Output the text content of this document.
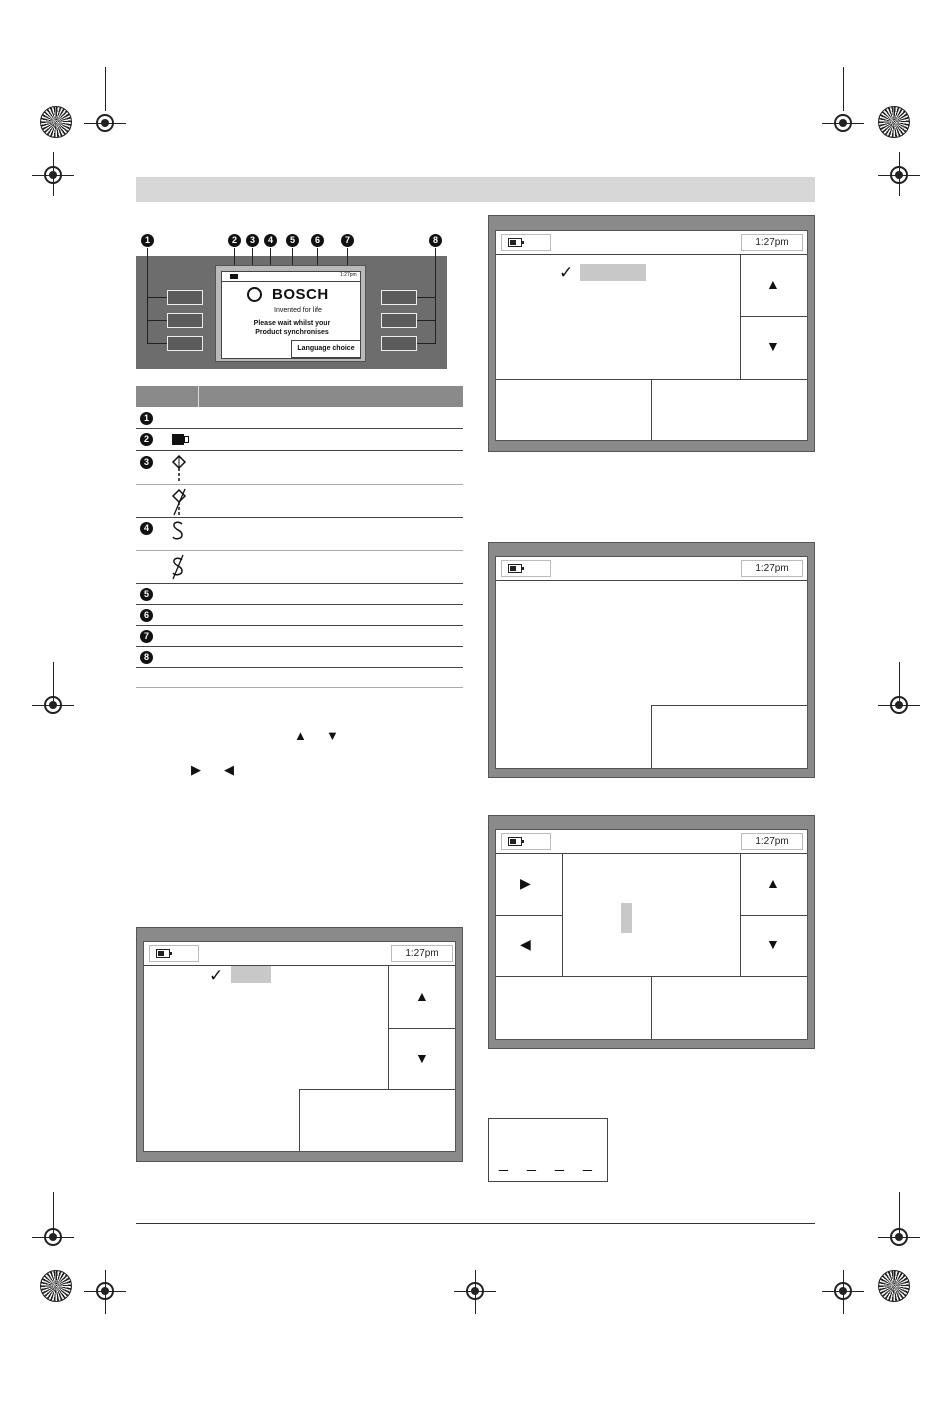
1	2	3	4	5	6	7	8
1:27pm
BOSCH
Invented for life
Please wait whilst your
Product synchronises
Language choice
1
2
3
4
5
6
7
8
▲ ▼
▶ ◀
1:27pm
✓
▲
▼
1:27pm
1:27pm
▶
◀
▲
▼
1:27pm
✓
▲
▼
_ _ _ _
